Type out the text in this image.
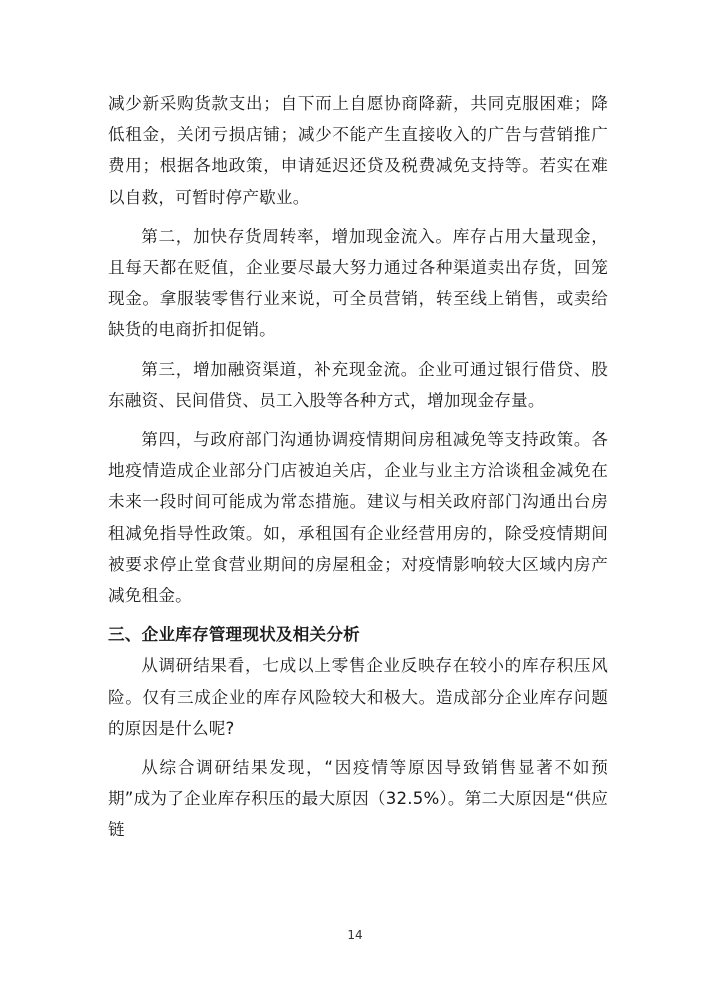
减少新采购货款支出；自下而上自愿协商降薪，共同克服困难；降低租金，关闭亏损店铺；减少不能产生直接收入的广告与营销推广费用；根据各地政策，申请延迟还贷及税费减免支持等。若实在难以自救，可暂时停产歇业。

第二，加快存货周转率，增加现金流入。库存占用大量现金，且每天都在贬值，企业要尽最大努力通过各种渠道卖出存货，回笼现金。拿服装零售行业来说，可全员营销，转至线上销售，或卖给缺货的电商折扣促销。

第三，增加融资渠道，补充现金流。企业可通过银行借贷、股东融资、民间借贷、员工入股等各种方式，增加现金存量。

第四，与政府部门沟通协调疫情期间房租减免等支持政策。各地疫情造成企业部分门店被迫关店，企业与业主方洽谈租金减免在未来一段时间可能成为常态措施。建议与相关政府部门沟通出台房租减免指导性政策。如，承租国有企业经营用房的，除受疫情期间被要求停止堂食营业期间的房屋租金；对疫情影响较大区域内房产减免租金。

三、企业库存管理现状及相关分析

从调研结果看，七成以上零售企业反映存在较小的库存积压风险。仅有三成企业的库存风险较大和极大。造成部分企业库存问题的原因是什么呢?

从综合调研结果发现，“因疫情等原因导致销售显著不如预期”成为了企业库存积压的最大原因（32.5%）。第二大原因是“供应链

14
